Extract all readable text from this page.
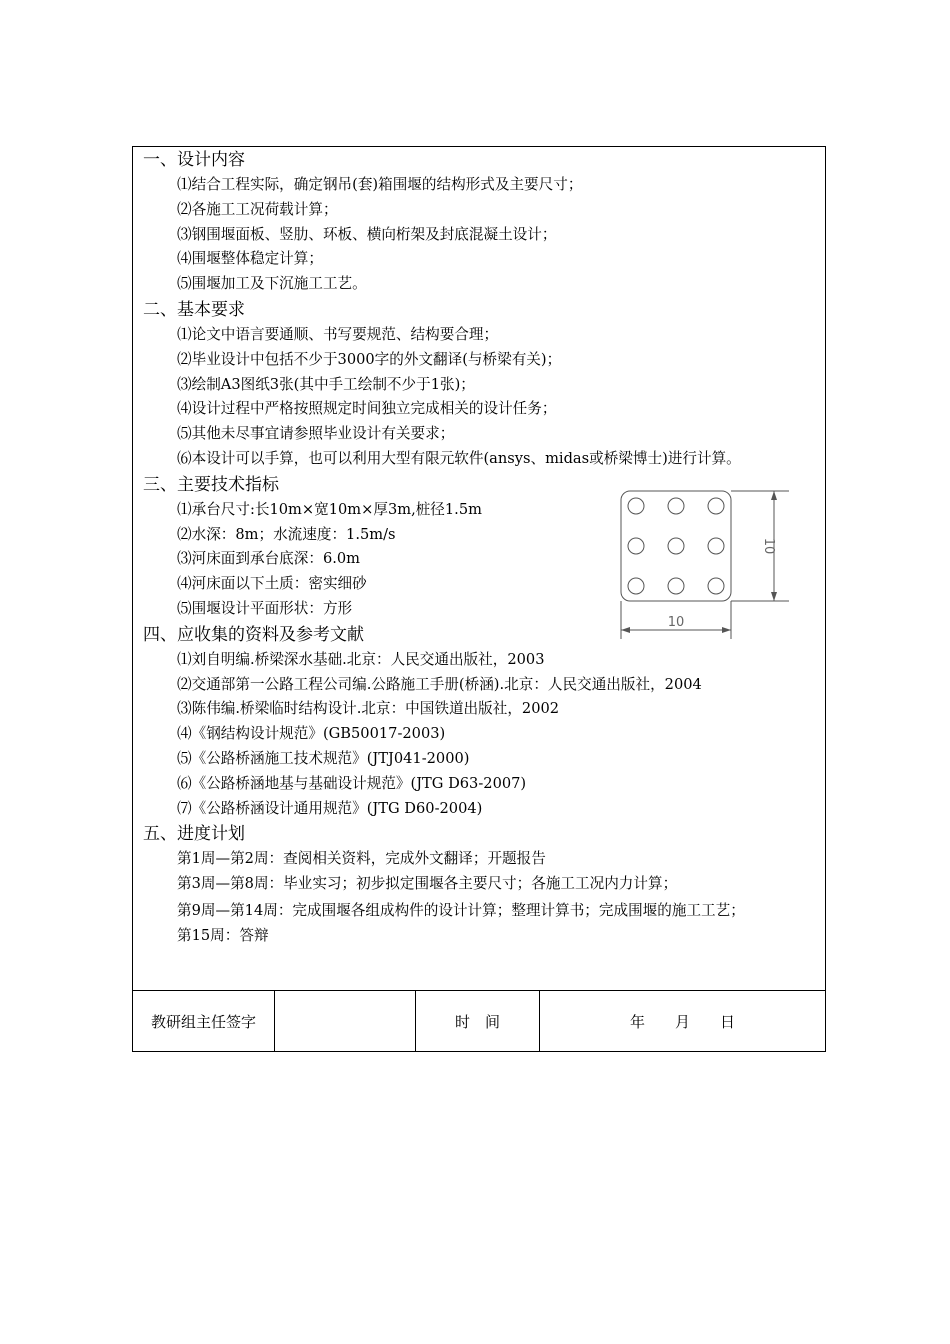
一、设计内容
⑴结合工程实际，确定钢吊(套)箱围堰的结构形式及主要尺寸；
⑵各施工工况荷载计算；
⑶钢围堰面板、竖肋、环板、横向桁架及封底混凝土设计；
⑷围堰整体稳定计算；
⑸围堰加工及下沉施工工艺。
二、基本要求
⑴论文中语言要通顺、书写要规范、结构要合理；
⑵毕业设计中包括不少于3000字的外文翻译(与桥梁有关)；
⑶绘制A3图纸3张(其中手工绘制不少于1张)；
⑷设计过程中严格按照规定时间独立完成相关的设计任务；
⑸其他未尽事宜请参照毕业设计有关要求；
⑹本设计可以手算，也可以利用大型有限元软件(ansys、midas或桥梁博士)进行计算。
三、主要技术指标
⑴承台尺寸:长10m×宽10m×厚3m,桩径1.5m
⑵水深：8m；水流速度：1.5m/s
⑶河床面到承台底深：6.0m
⑷河床面以下土质：密实细砂
⑸围堰设计平面形状：方形
四、应收集的资料及参考文献
⑴刘自明编.桥梁深水基础.北京：人民交通出版社，2003
⑵交通部第一公路工程公司编.公路施工手册(桥涵).北京：人民交通出版社，2004
⑶陈伟编.桥梁临时结构设计.北京：中国铁道出版社，2002
⑷《钢结构设计规范》(GB50017-2003)
⑸《公路桥涵施工技术规范》(JTJ041-2000)
⑹《公路桥涵地基与基础设计规范》(JTG D63-2007)
⑺《公路桥涵设计通用规范》(JTG D60-2004)
五、进度计划
第1周—第2周：查阅相关资料，完成外文翻译；开题报告
第3周—第8周：毕业实习；初步拟定围堰各主要尺寸；各施工工况内力计算；
第9周—第14周：完成围堰各组成构件的设计计算；整理计算书；完成围堰的施工工艺；
第15周：答辩
10
10
教研组主任签字	时　间	年　　月　　日
